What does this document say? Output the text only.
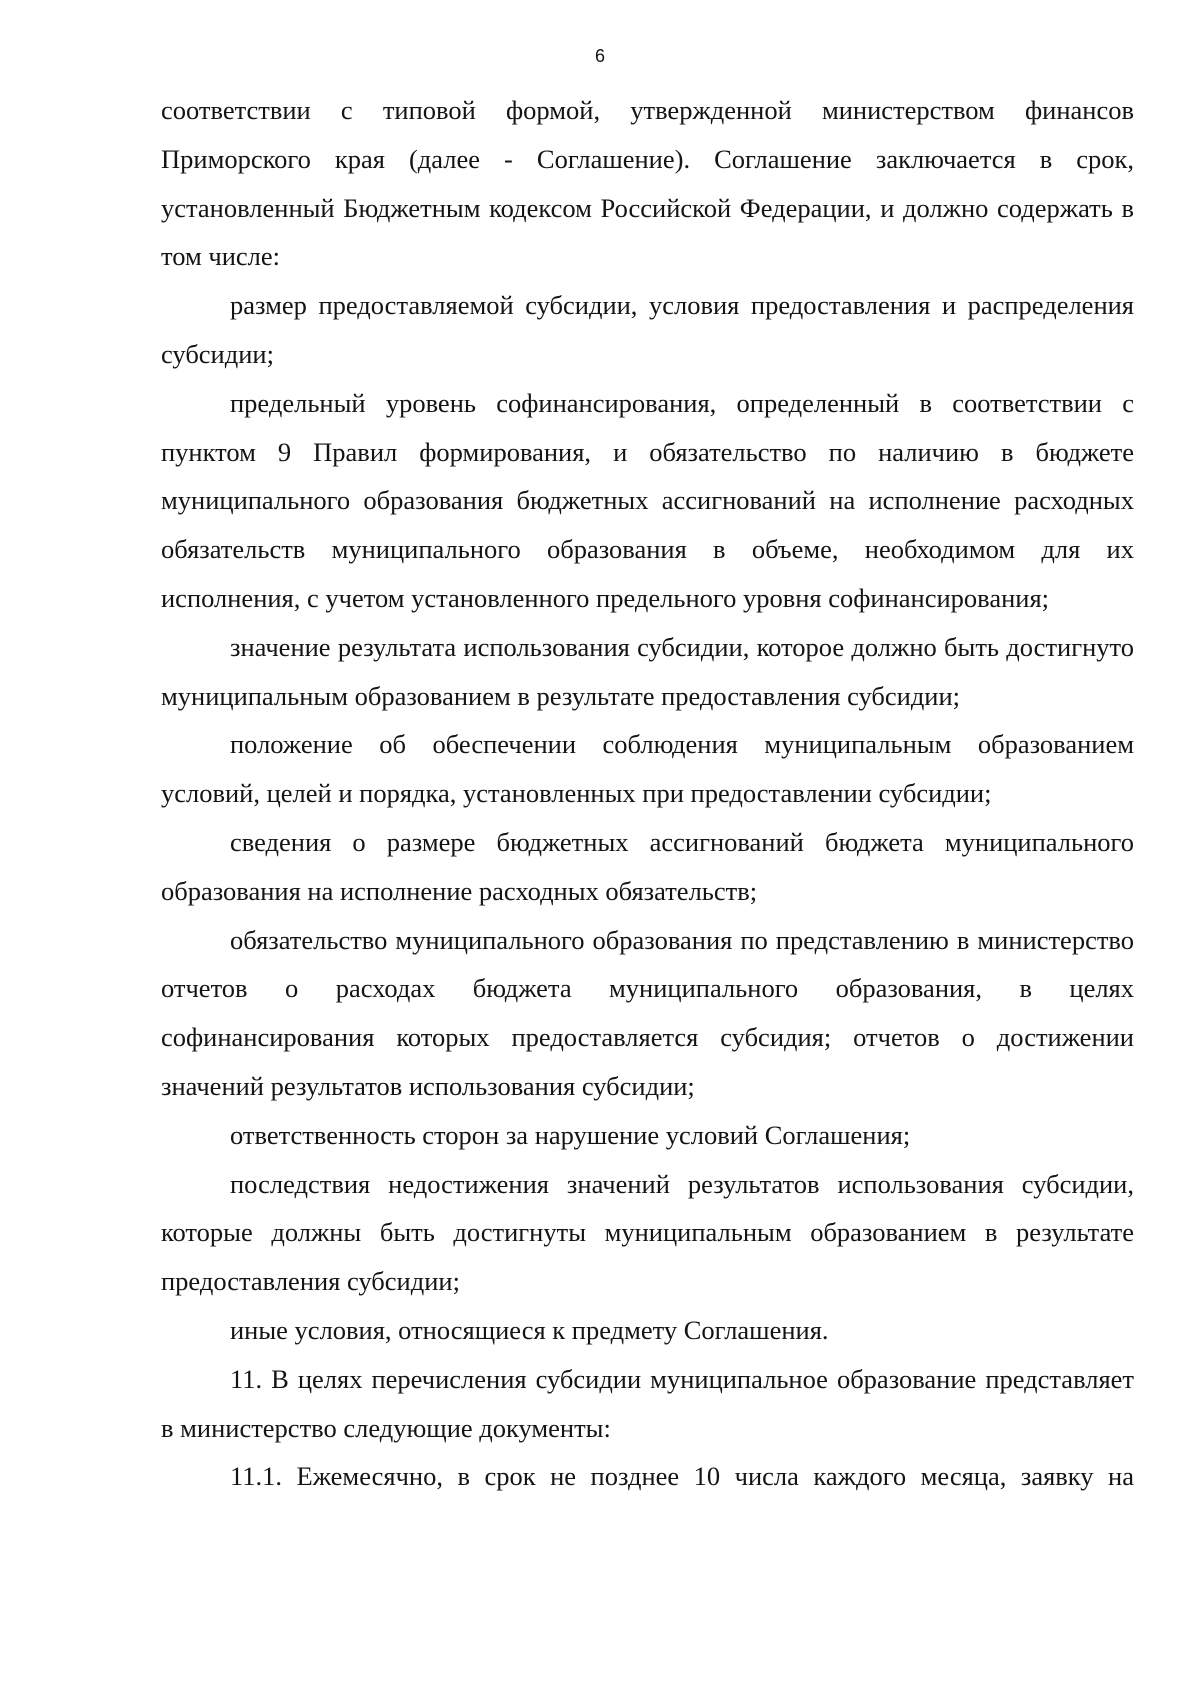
6

соответствии с типовой формой, утвержденной министерством финансов Приморского края (далее - Соглашение). Соглашение заключается в срок, установленный Бюджетным кодексом Российской Федерации, и должно содержать в том числе:

размер предоставляемой субсидии, условия предоставления и распределения субсидии;

предельный уровень софинансирования, определенный в соответствии с пунктом 9 Правил формирования, и обязательство по наличию в бюджете муниципального образования бюджетных ассигнований на исполнение расходных обязательств муниципального образования в объеме, необходимом для их исполнения, с учетом установленного предельного уровня софинансирования;

значение результата использования субсидии, которое должно быть достигнуто муниципальным образованием в результате предоставления субсидии;

положение об обеспечении соблюдения муниципальным образованием условий, целей и порядка, установленных при предоставлении субсидии;

сведения о размере бюджетных ассигнований бюджета муниципального образования на исполнение расходных обязательств;

обязательство муниципального образования по представлению в министерство отчетов о расходах бюджета муниципального образования, в целях софинансирования которых предоставляется субсидия; отчетов о достижении значений результатов использования субсидии;

ответственность сторон за нарушение условий Соглашения;

последствия недостижения значений результатов использования субсидии, которые должны быть достигнуты муниципальным образованием в результате предоставления субсидии;

иные условия, относящиеся к предмету Соглашения.

11. В целях перечисления субсидии муниципальное образование представляет в министерство следующие документы:

11.1. Ежемесячно, в срок не позднее 10 числа каждого месяца, заявку на
